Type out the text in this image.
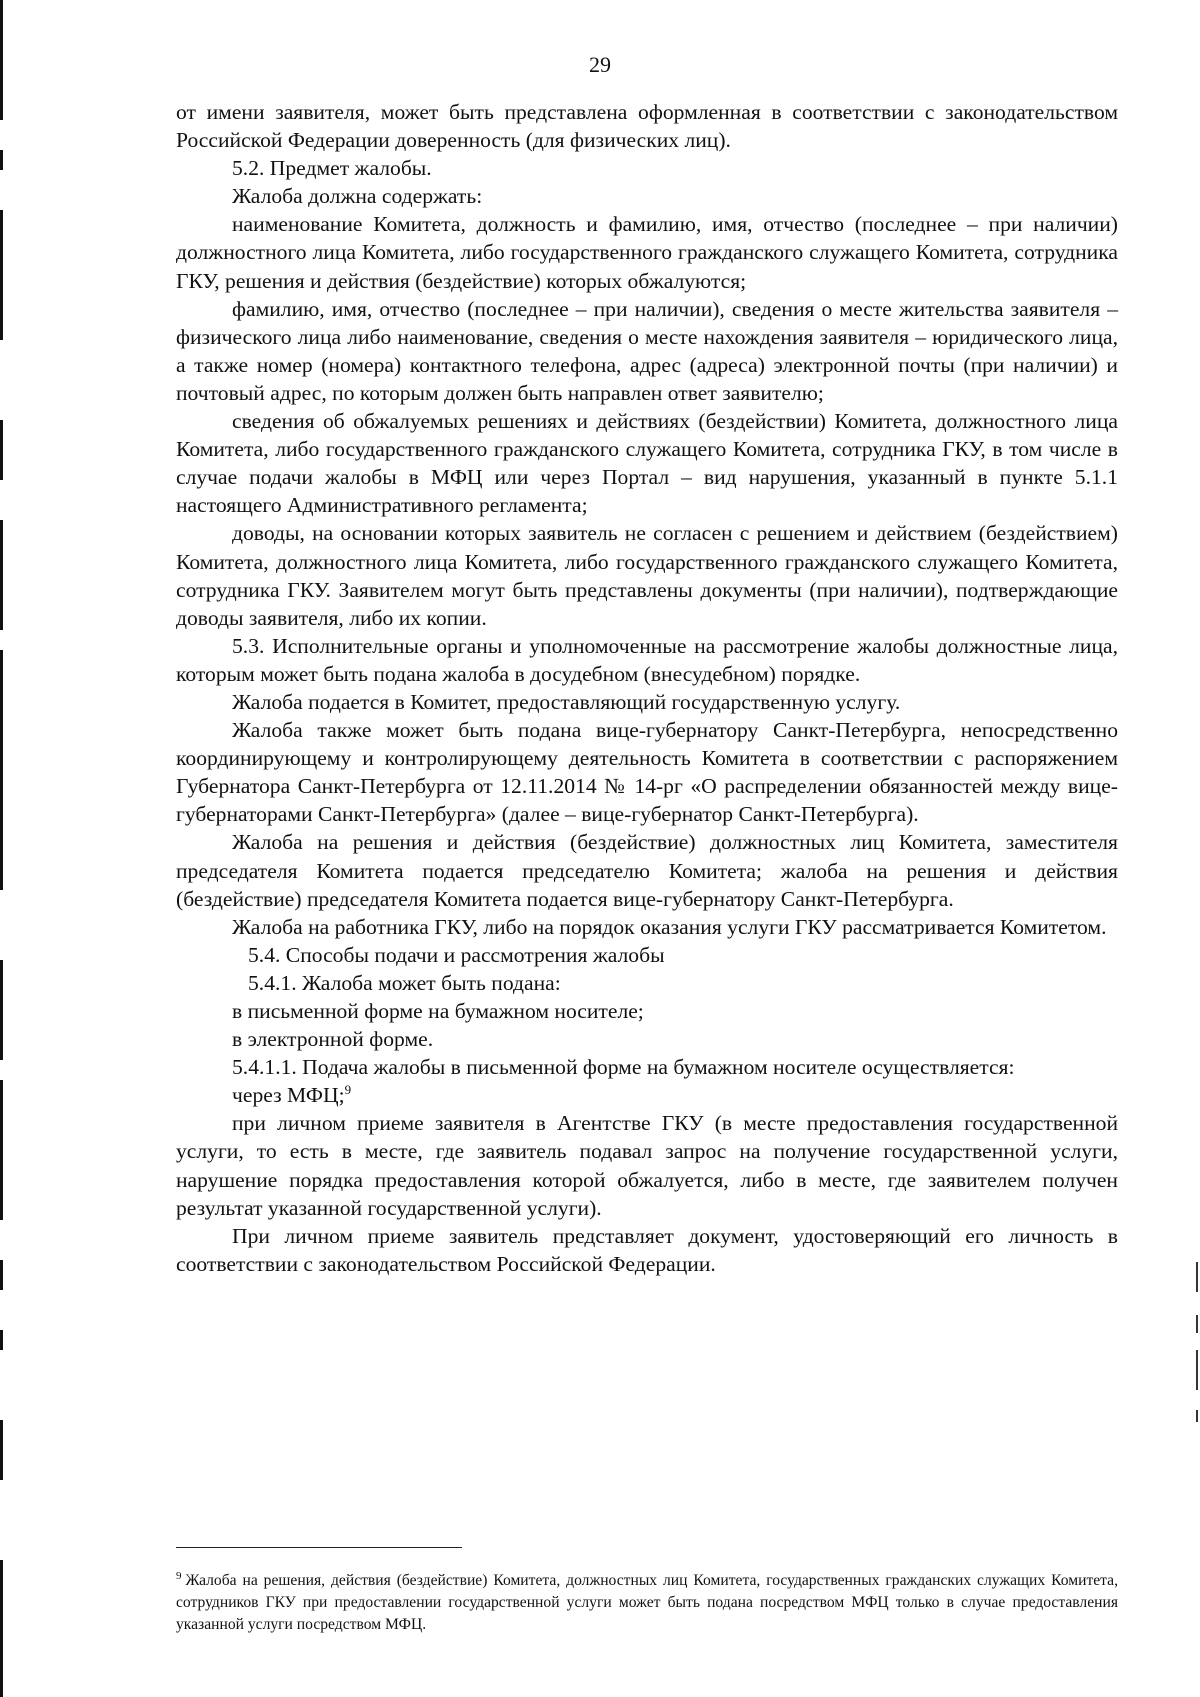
29

от имени заявителя, может быть представлена оформленная в соответствии с законодательством Российской Федерации доверенность (для физических лиц).

5.2. Предмет жалобы.

Жалоба должна содержать:

наименование Комитета, должность и фамилию, имя, отчество (последнее – при наличии) должностного лица Комитета, либо государственного гражданского служащего Комитета, сотрудника ГКУ, решения и действия (бездействие) которых обжалуются;

фамилию, имя, отчество (последнее – при наличии), сведения о месте жительства заявителя – физического лица либо наименование, сведения о месте нахождения заявителя – юридического лица, а также номер (номера) контактного телефона, адрес (адреса) электронной почты (при наличии) и почтовый адрес, по которым должен быть направлен ответ заявителю;

сведения об обжалуемых решениях и действиях (бездействии) Комитета, должностного лица Комитета, либо государственного гражданского служащего Комитета, сотрудника ГКУ, в том числе в случае подачи жалобы в МФЦ или через Портал – вид нарушения, указанный в пункте 5.1.1 настоящего Административного регламента;

доводы, на основании которых заявитель не согласен с решением и действием (бездействием) Комитета, должностного лица Комитета, либо государственного гражданского служащего Комитета, сотрудника ГКУ. Заявителем могут быть представлены документы (при наличии), подтверждающие доводы заявителя, либо их копии.

5.3. Исполнительные органы и уполномоченные на рассмотрение жалобы должностные лица, которым может быть подана жалоба в досудебном (внесудебном) порядке.

Жалоба подается в Комитет, предоставляющий государственную услугу.

Жалоба также может быть подана вице-губернатору Санкт-Петербурга, непосредственно координирующему и контролирующему деятельность Комитета в соответствии с распоряжением Губернатора Санкт-Петербурга от 12.11.2014 № 14-рг «О распределении обязанностей между вице-губернаторами Санкт-Петербурга» (далее – вице-губернатор Санкт-Петербурга).

Жалоба на решения и действия (бездействие) должностных лиц Комитета, заместителя председателя Комитета подается председателю Комитета; жалоба на решения и действия (бездействие) председателя Комитета подается вице-губернатору Санкт-Петербурга.

Жалоба на работника ГКУ, либо на порядок оказания услуги ГКУ рассматривается Комитетом.

5.4. Способы подачи и рассмотрения жалобы

5.4.1. Жалоба может быть подана:

в письменной форме на бумажном носителе;

в электронной форме.

5.4.1.1. Подача жалобы в письменной форме на бумажном носителе осуществляется:

через МФЦ;$^9$

при личном приеме заявителя в Агентстве ГКУ (в месте предоставления государственной услуги, то есть в месте, где заявитель подавал запрос на получение государственной услуги, нарушение порядка предоставления которой обжалуется, либо в месте, где заявителем получен результат указанной государственной услуги).

При личном приеме заявитель представляет документ, удостоверяющий его личность в соответствии с законодательством Российской Федерации.

$^9$ Жалоба на решения, действия (бездействие) Комитета, должностных лиц Комитета, государственных гражданских служащих Комитета, сотрудников ГКУ при предоставлении государственной услуги может быть подана посредством МФЦ только в случае предоставления указанной услуги посредством МФЦ.
